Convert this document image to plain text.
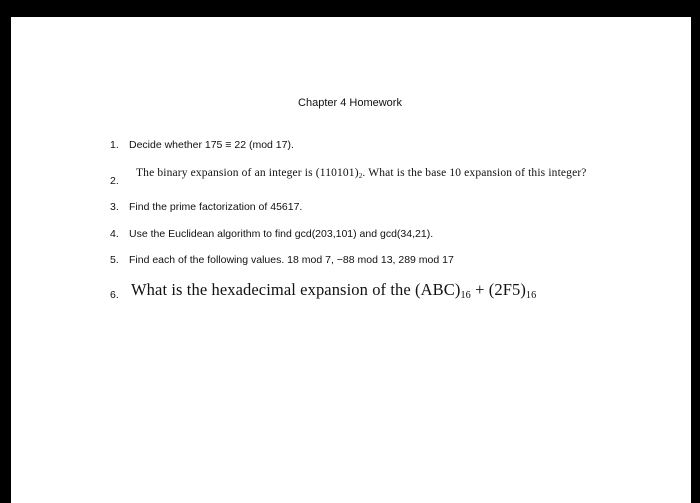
Chapter 4 Homework
1. Decide whether 175 ≡ 22 (mod 17).
2.
The binary expansion of an integer is $(110101)_2$. What is the base 10 expansion of this integer?
3. Find the prime factorization of 45617.
4. Use the Euclidean algorithm to find gcd(203,101) and gcd(34,21).
5. Find each of the following values. 18 mod 7, −88 mod 13, 289 mod 17
6. What is the hexadecimal expansion of the $(ABC)_{16} + (2F5)_{16}$
